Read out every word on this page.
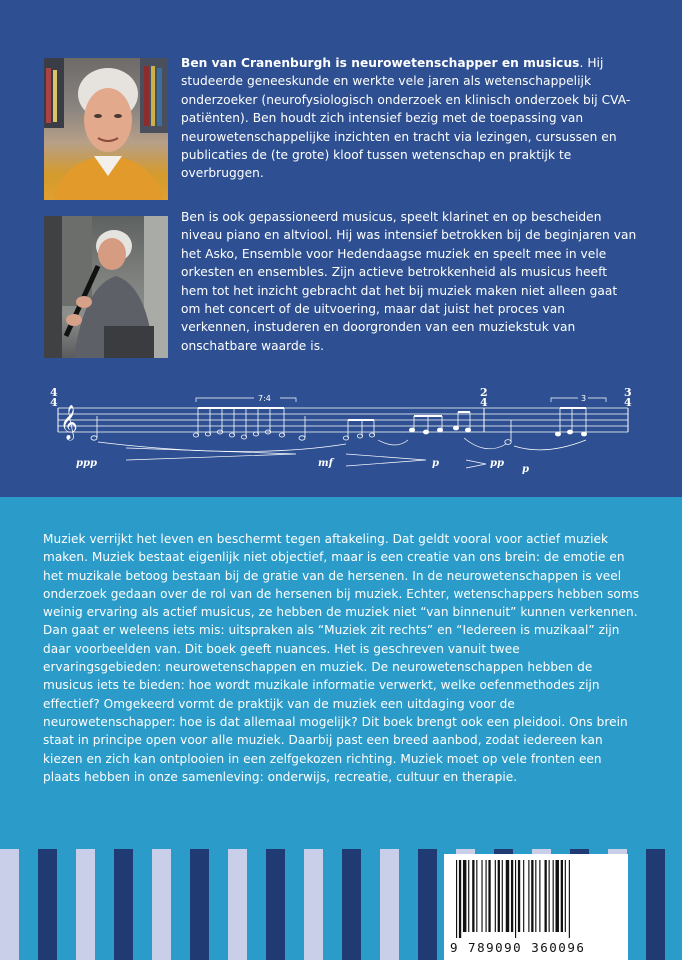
Ben van Cranenburgh is neurowetenschapper en musicus. Hij studeerde geneeskunde en werkte vele jaren als wetenschappelijk onderzoeker (neurofysiologisch onderzoek en klinisch onderzoek bij CVA-patiënten). Ben houdt zich intensief bezig met de toepassing van neurowetenschappelijke inzichten en tracht via lezingen, cursussen en publicaties de (te grote) kloof tussen wetenschap en praktijk te overbruggen.
Ben is ook gepassioneerd musicus, speelt klarinet en op bescheiden niveau piano en altviool. Hij was intensief betrokken bij de beginjaren van het Asko, Ensemble voor Hedendaagse muziek en speelt mee in vele orkesten en ensembles. Zijn actieve betrokkenheid als musicus heeft hem tot het inzicht gebracht dat het bij muziek maken niet alleen gaat om het concert of de uitvoering, maar dat juist het proces van verkennen, instuderen en doorgronden van een muziekstuk van onschatbare waarde is.
𝄞
4
4
2
4
3
4
7:4	3
ppp	mf	p	pp
p
Muziek verrijkt het leven en beschermt tegen aftakeling. Dat geldt vooral voor actief muziek maken. Muziek bestaat eigenlijk niet objectief, maar is een creatie van ons brein: de emotie en het muzikale betoog bestaan bij de gratie van de hersenen. In de neurowetenschappen is veel onderzoek gedaan over de rol van de hersenen bij muziek. Echter, wetenschappers hebben soms weinig ervaring als actief musicus, ze hebben de muziek niet “van binnenuit” kunnen verkennen. Dan gaat er weleens iets mis: uitspraken als “Muziek zit rechts” en “Iedereen is muzikaal” zijn daar voorbeelden van. Dit boek geeft nuances. Het is geschreven vanuit twee ervaringsgebieden: neurowetenschappen en muziek. De neurowetenschappen hebben de musicus iets te bieden: hoe wordt muzikale informatie verwerkt, welke oefenmethodes zijn effectief? Omgekeerd vormt de praktijk van de muziek een uitdaging voor de neurowetenschapper: hoe is dat allemaal mogelijk? Dit boek brengt ook een pleidooi. Ons brein staat in principe open voor alle muziek. Daarbij past een breed aanbod, zodat iedereen kan kiezen en zich kan ontplooien in een zelfgekozen richting. Muziek moet op vele fronten een plaats hebben in onze samenleving: onderwijs, recreatie, cultuur en therapie.
9 789090 360096
